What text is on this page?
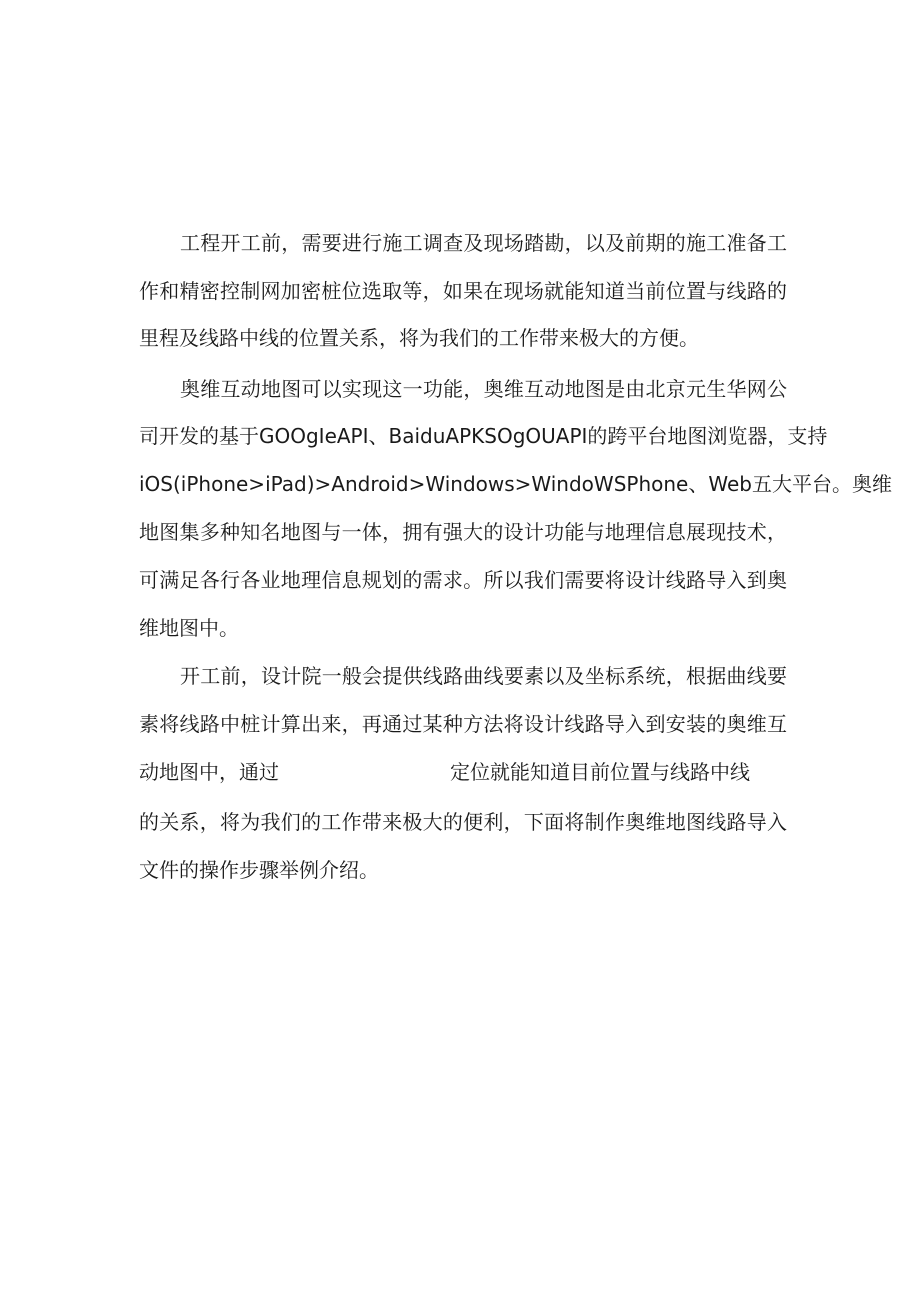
工程开工前，需要进行施工调查及现场踏勘，以及前期的施工准备工

作和精密控制网加密桩位选取等，如果在现场就能知道当前位置与线路的

里程及线路中线的位置关系，将为我们的工作带来极大的方便。

奥维互动地图可以实现这一功能，奥维互动地图是由北京元生华网公

司开发的基于GOOgIeAPI、BaiduAPKSOgOUAPI的跨平台地图浏览器，支持

iOS(iPhone>iPad)>Android>Windows>WindoWSPhone、Web五大平台。奥维

地图集多种知名地图与一体，拥有强大的设计功能与地理信息展现技术，

可满足各行各业地理信息规划的需求。所以我们需要将设计线路导入到奥

维地图中。

开工前，设计院一般会提供线路曲线要素以及坐标系统，根据曲线要

素将线路中桩计算出来，再通过某种方法将设计线路导入到安装的奥维互

动地图中，通过	定位就能知道目前位置与线路中线

的关系，将为我们的工作带来极大的便利，下面将制作奥维地图线路导入

文件的操作步骤举例介绍。
